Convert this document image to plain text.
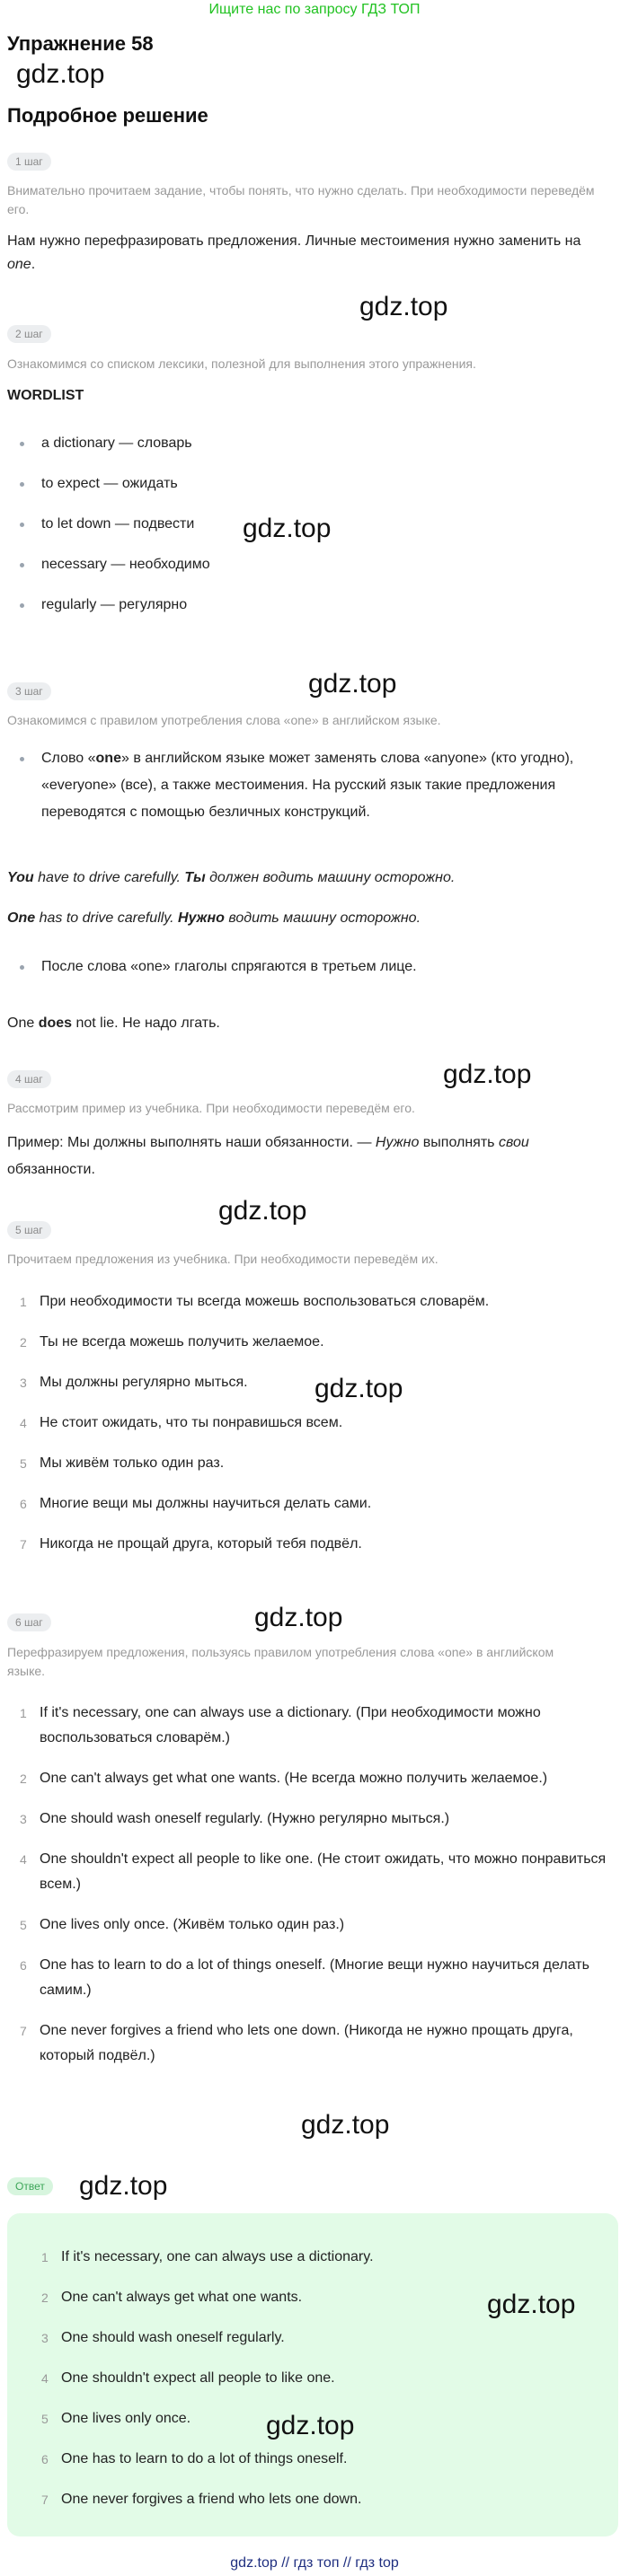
Ищите нас по запросу ГДЗ ТОП
Упражнение 58
gdz.top
Подробное решение
1 шаг
Внимательно прочитаем задание, чтобы понять, что нужно сделать. При необходимости переведём его.
Нам нужно перефразировать предложения. Личные местоимения нужно заменить на one.
gdz.top
2 шаг
Ознакомимся со списком лексики, полезной для выполнения этого упражнения.
WORDLIST
a dictionary — словарь
to expect — ожидать
to let down — подвести
necessary — необходимо
regularly — регулярно
gdz.top
gdz.top
3 шаг
Ознакомимся с правилом употребления слова «one» в английском языке.
Слово «one» в английском языке может заменять слова «anyone» (кто угодно), «everyone» (все), а также местоимения. На русский язык такие предложения переводятся с помощью безличных конструкций.
You have to drive carefully. Ты должен водить машину осторожно.
One has to drive carefully. Нужно водить машину осторожно.
После слова «one» глаголы спрягаются в третьем лице.
One does not lie. Не надо лгать.
gdz.top
4 шаг
Рассмотрим пример из учебника. При необходимости переведём его.
Пример: Мы должны выполнять наши обязанности. — Нужно выполнять свои обязанности.
gdz.top
5 шаг
Прочитаем предложения из учебника. При необходимости переведём их.
1 При необходимости ты всегда можешь воспользоваться словарём.
2 Ты не всегда можешь получить желаемое.
3 Мы должны регулярно мыться.
4 Не стоит ожидать, что ты понравишься всем.
5 Мы живём только один раз.
6 Многие вещи мы должны научиться делать сами.
7 Никогда не прощай друга, который тебя подвёл.
gdz.top
gdz.top
6 шаг
Перефразируем предложения, пользуясь правилом употребления слова «one» в английском языке.
1 If it's necessary, one can always use a dictionary. (При необходимости можно воспользоваться словарём.)
2 One can't always get what one wants. (Не всегда можно получить желаемое.)
3 One should wash oneself regularly. (Нужно регулярно мыться.)
4 One shouldn't expect all people to like one. (Не стоит ожидать, что можно понравиться всем.)
5 One lives only once. (Живём только один раз.)
6 One has to learn to do a lot of things oneself. (Многие вещи нужно научиться делать самим.)
7 One never forgives a friend who lets one down. (Никогда не нужно прощать друга, который подвёл.)
gdz.top
Ответ	gdz.top
1 If it's necessary, one can always use a dictionary.
2 One can't always get what one wants.
3 One should wash oneself regularly.
4 One shouldn't expect all people to like one.
5 One lives only once.
6 One has to learn to do a lot of things oneself.
7 One never forgives a friend who lets one down.
gdz.top
gdz.top
gdz.top // гдз топ // гдз top
